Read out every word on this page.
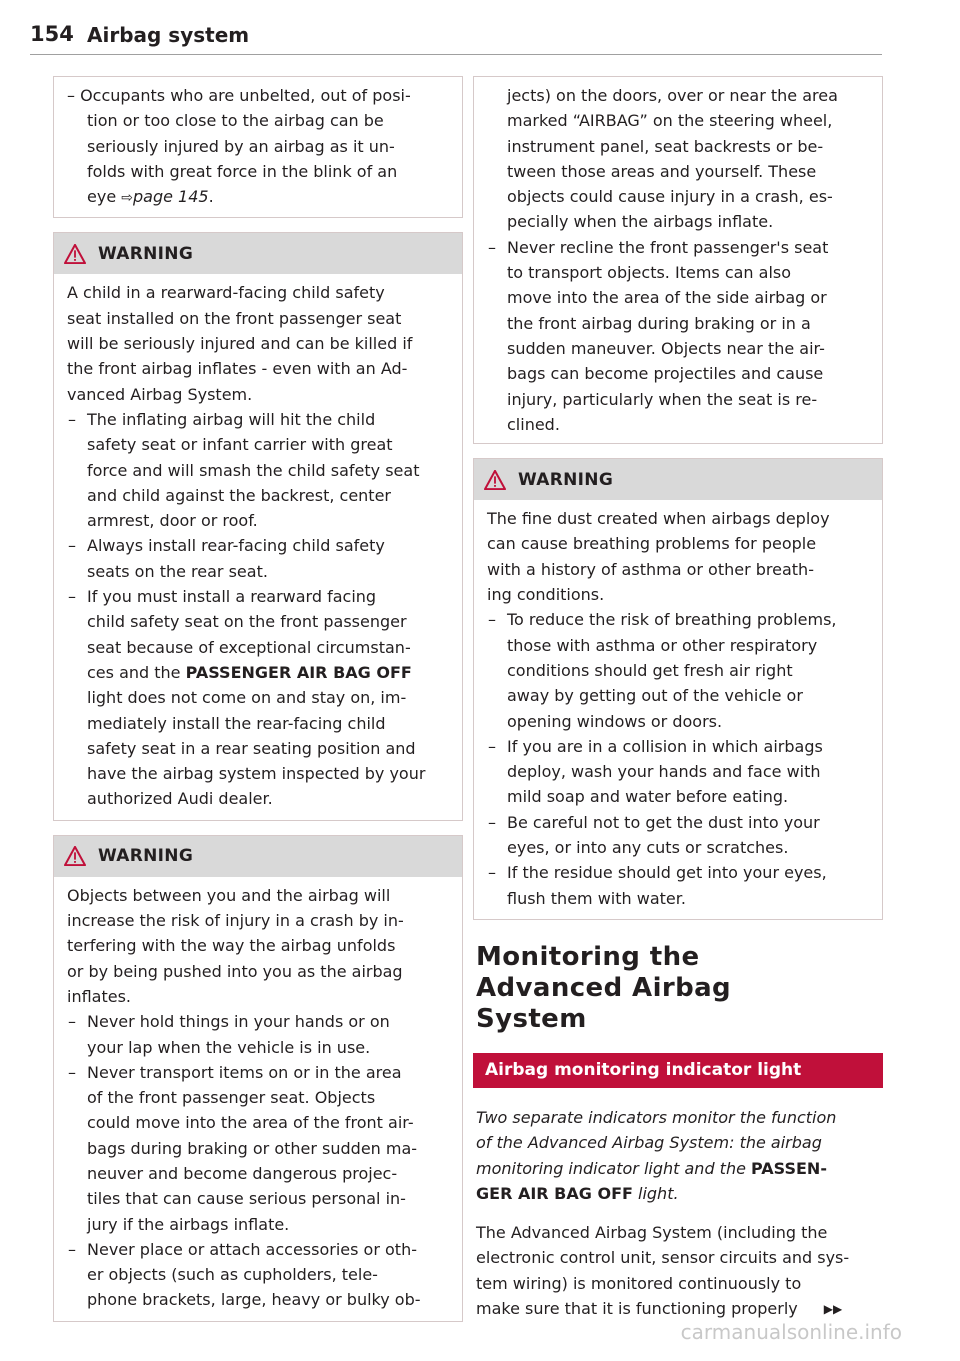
154 Airbag system

– Occupants who are unbelted, out of posi-

tion or too close to the airbag can be

seriously injured by an airbag as it un-

folds with great force in the blink of an

eye ⇨page 145.

WARNING

A child in a rearward-facing child safety

seat installed on the front passenger seat

will be seriously injured and can be killed if

the front airbag inflates - even with an Ad-

vanced Airbag System.

– The inflating airbag will hit the child
safety seat or infant carrier with great
force and will smash the child safety seat
and child against the backrest, center
armrest, door or roof.
– Always install rear-facing child safety
seats on the rear seat.
– If you must install a rearward facing
child safety seat on the front passenger
seat because of exceptional circumstan-
ces and the PASSENGER AIR BAG OFF
light does not come on and stay on, im-
mediately install the rear-facing child
safety seat in a rear seating position and
have the airbag system inspected by your
authorized Audi dealer.
WARNING

Objects between you and the airbag will

increase the risk of injury in a crash by in-

terfering with the way the airbag unfolds

or by being pushed into you as the airbag

inflates.

– Never hold things in your hands or on
your lap when the vehicle is in use.
– Never transport items on or in the area
of the front passenger seat. Objects
could move into the area of the front air-
bags during braking or other sudden ma-
neuver and become dangerous projec-
tiles that can cause serious personal in-
jury if the airbags inflate.
– Never place or attach accessories or oth-
er objects (such as cupholders, tele-
phone brackets, large, heavy or bulky ob-

jects) on the doors, over or near the area

marked “AIRBAG” on the steering wheel,

instrument panel, seat backrests or be-

tween those areas and yourself. These

objects could cause injury in a crash, es-

pecially when the airbags inflate.

– Never recline the front passenger's seat
to transport objects. Items can also
move into the area of the side airbag or
the front airbag during braking or in a
sudden maneuver. Objects near the air-
bags can become projectiles and cause
injury, particularly when the seat is re-
clined.
WARNING

The fine dust created when airbags deploy

can cause breathing problems for people

with a history of asthma or other breath-

ing conditions.

– To reduce the risk of breathing problems,
those with asthma or other respiratory
conditions should get fresh air right
away by getting out of the vehicle or
opening windows or doors.
– If you are in a collision in which airbags
deploy, wash your hands and face with
mild soap and water before eating.
– Be careful not to get the dust into your
eyes, or into any cuts or scratches.
– If the residue should get into your eyes,
flush them with water.
Monitoring the
Advanced Airbag
System
Airbag monitoring indicator light
Two separate indicators monitor the function
of the Advanced Airbag System: the airbag
monitoring indicator light and the PASSEN-
GER AIR BAG OFF light.
The Advanced Airbag System (including the
electronic control unit, sensor circuits and sys-
tem wiring) is monitored continuously to
make sure that it is functioning properly ▶▶
carmanualsonline.info
